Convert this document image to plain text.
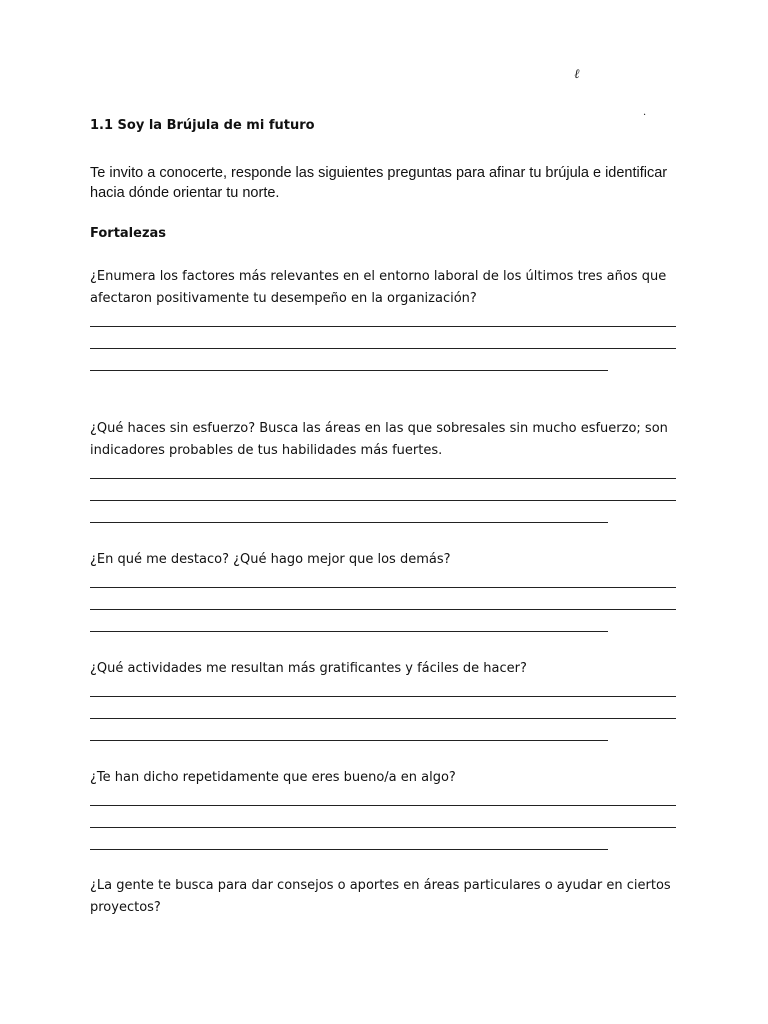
ℓ
·
1.1 Soy la Brújula de mi futuro
Te invito a conocerte, responde las siguientes preguntas para afinar tu brújula e identificar hacia dónde orientar tu norte.
Fortalezas
¿Enumera los factores más relevantes en el entorno laboral de los últimos tres años que afectaron positivamente tu desempeño en la organización?
¿Qué haces sin esfuerzo? Busca las áreas en las que sobresales sin mucho esfuerzo; son indicadores probables de tus habilidades más fuertes.
¿En qué me destaco? ¿Qué hago mejor que los demás?
¿Qué actividades me resultan más gratificantes y fáciles de hacer?
¿Te han dicho repetidamente que eres bueno/a en algo?
¿La gente te busca para dar consejos o aportes en áreas particulares o ayudar en ciertos proyectos?
